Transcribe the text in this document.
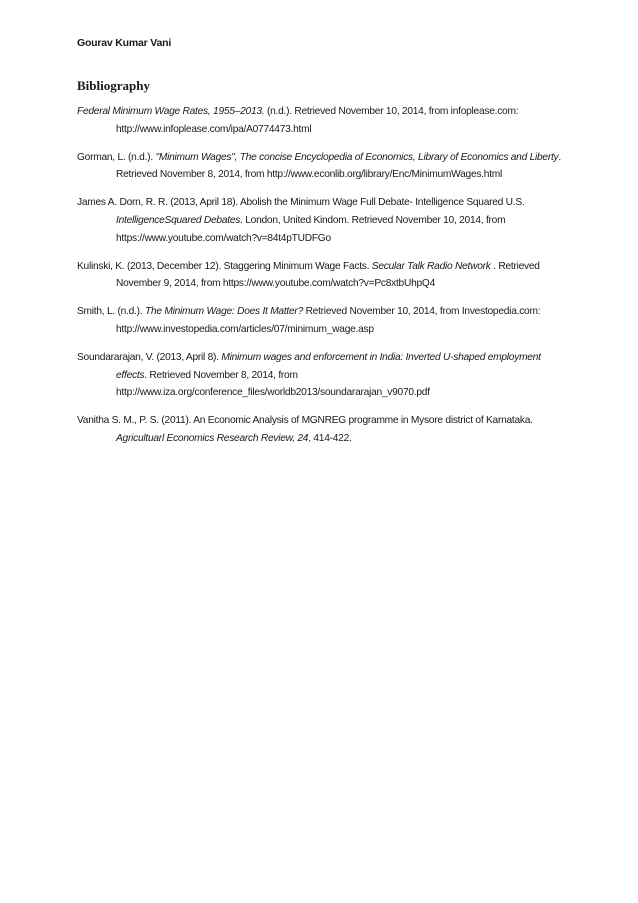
Gourav Kumar Vani
Bibliography

Federal Minimum Wage Rates, 1955–2013. (n.d.). Retrieved November 10, 2014, from infoplease.com: http://www.infoplease.com/ipa/A0774473.html

Gorman, L. (n.d.). "Minimum Wages", The concise Encyclopedia of Economics, Library of Economics and Liberty. Retrieved November 8, 2014, from http://www.econlib.org/library/Enc/MinimumWages.html

James A. Dorn, R. R. (2013, April 18). Abolish the Minimum Wage Full Debate- Intelligence Squared U.S. IntelligenceSquared Debates. London, United Kindom. Retrieved November 10, 2014, from https://www.youtube.com/watch?v=84t4pTUDFGo

Kulinski, K. (2013, December 12). Staggering Minimum Wage Facts. Secular Talk Radio Network . Retrieved November 9, 2014, from https://www.youtube.com/watch?v=Pc8xtbUhpQ4

Smith, L. (n.d.). The Minimum Wage: Does It Matter? Retrieved November 10, 2014, from Investopedia.com: http://www.investopedia.com/articles/07/minimum_wage.asp

Soundararajan, V. (2013, April 8). Minimum wages and enforcement in India: Inverted U-shaped employment effects. Retrieved November 8, 2014, from http://www.iza.org/conference_files/worldb2013/soundararajan_v9070.pdf

Vanitha S. M., P. S. (2011). An Economic Analysis of MGNREG programme in Mysore district of Karnataka. Agricultuarl Economics Research Review, 24, 414-422.
